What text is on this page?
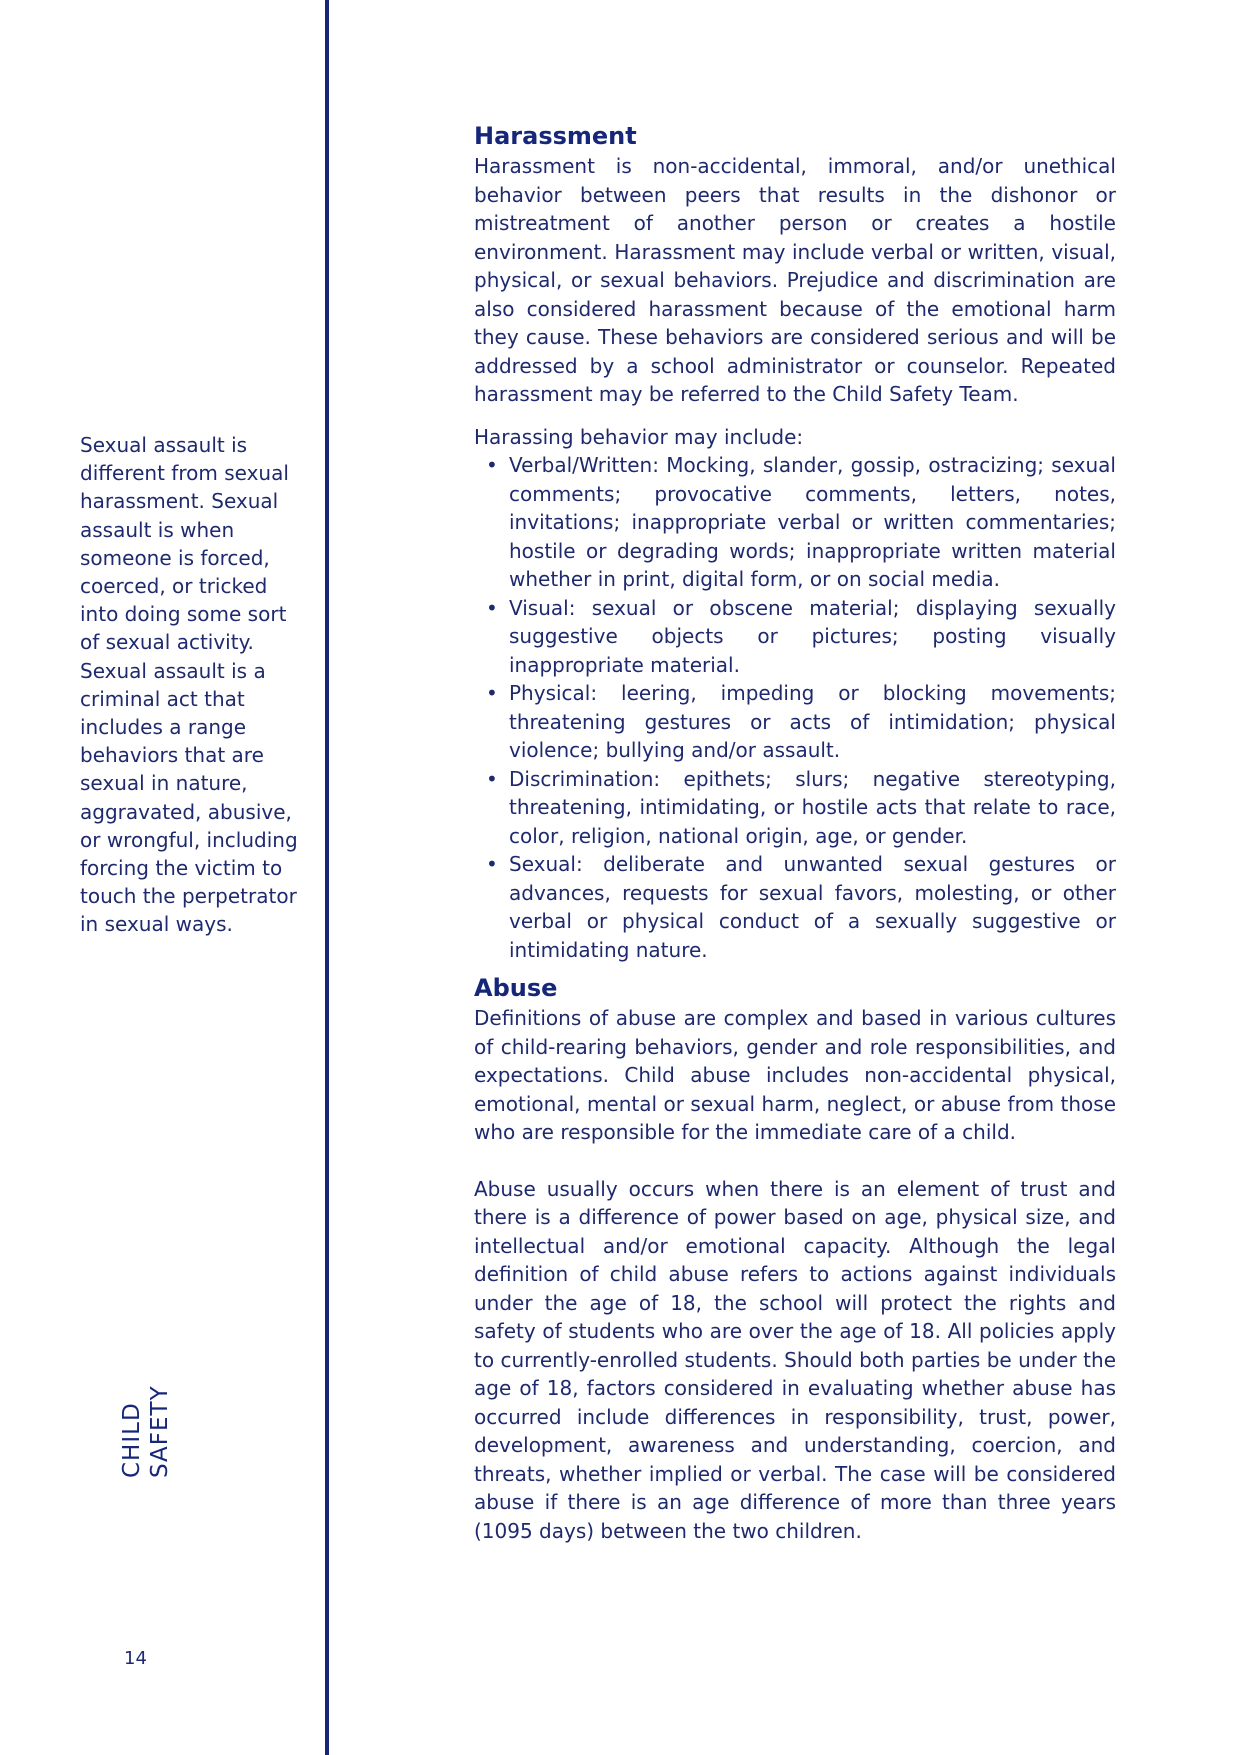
Sexual assault is different from sexual harassment. Sexual assault is when someone is forced, coerced, or tricked into doing some sort of sexual activity. Sexual assault is a criminal act that includes a range behaviors that are sexual in nature, aggravated, abusive, or wrongful, including forcing the victim to touch the perpetrator in sexual ways.
CHILD SAFETY
14
Harassment

Harassment is non-accidental, immoral, and/or unethical behavior between peers that results in the dishonor or mistreatment of another person or creates a hostile environment. Harassment may include verbal or written, visual, physical, or sexual behaviors. Prejudice and discrimination are also considered harassment because of the emotional harm they cause. These behaviors are considered serious and will be addressed by a school administrator or counselor. Repeated harassment may be referred to the Child Safety Team.

Harassing behavior may include:

• Verbal/Written: Mocking, slander, gossip, ostracizing; sexual comments; provocative comments, letters, notes, invitations; inappropriate verbal or written commentaries; hostile or degrading words; inappropriate written material whether in print, digital form, or on social media.
• Visual: sexual or obscene material; displaying sexually suggestive objects or pictures; posting visually inappropriate material.
• Physical: leering, impeding or blocking movements; threatening gestures or acts of intimidation; physical violence; bullying and/or assault.
• Discrimination: epithets; slurs; negative stereotyping, threatening, intimidating, or hostile acts that relate to race, color, religion, national origin, age, or gender.
• Sexual: deliberate and unwanted sexual gestures or advances, requests for sexual favors, molesting, or other verbal or physical conduct of a sexually suggestive or intimidating nature.
Abuse

Definitions of abuse are complex and based in various cultures of child-rearing behaviors, gender and role responsibilities, and expectations. Child abuse includes non-accidental physical, emotional, mental or sexual harm, neglect, or abuse from those who are responsible for the immediate care of a child.

Abuse usually occurs when there is an element of trust and there is a difference of power based on age, physical size, and intellectual and/or emotional capacity. Although the legal definition of child abuse refers to actions against individuals under the age of 18, the school will protect the rights and safety of students who are over the age of 18. All policies apply to currently-enrolled students. Should both parties be under the age of 18, factors considered in evaluating whether abuse has occurred include differences in responsibility, trust, power, development, awareness and understanding, coercion, and threats, whether implied or verbal. The case will be considered abuse if there is an age difference of more than three years (1095 days) between the two children.
